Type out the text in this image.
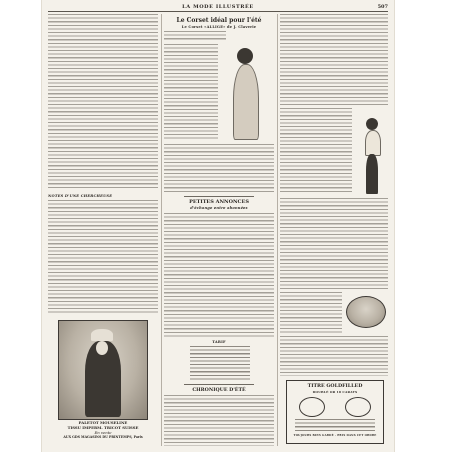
LA MODE ILLUSTRÉE	507
NOTES D'UNE CHERCHEUSE
PALETOT MOUSELINE
TISSU IMPERM. TRICOT SUISSE
En vente
AUX GDS MAGASINS DU PRINTEMPS, Paris
Le Corset idéal pour l'été
Le Corset «ALLIGE» de J. Claverie
PETITES ANNONCES
d'échange entre abonnées
TARIF
CHRONIQUE D'ÉTÉ
TITRE GOLDFILLED
DOUBLÉ OR 18 CARATS
TOUJOURS BIEN GARDÉ - PRIX DANS CET ORDRE
